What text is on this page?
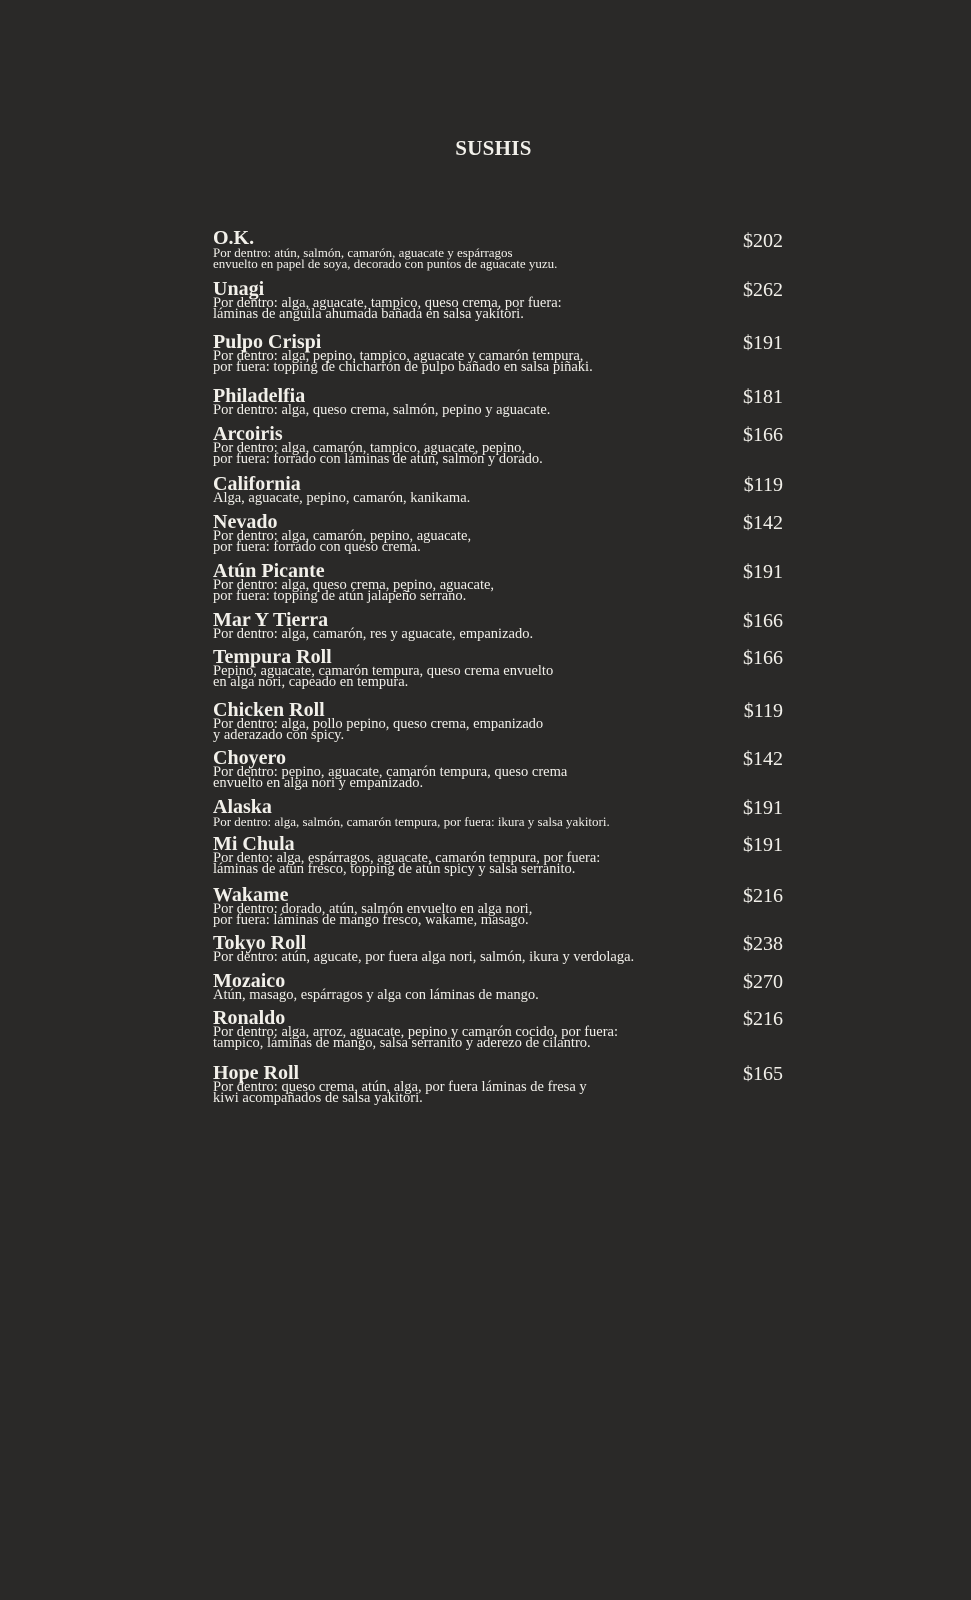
SUSHIS
O.K.
Por dentro: atún, salmón, camarón, aguacate y espárragos
envuelto en papel de soya, decorado con puntos de aguacate yuzu.
$202
Unagi
Por dentro: alga, aguacate, tampico, queso crema, por fuera:
láminas de anguila ahumada bañada en salsa yakitori.
$262
Pulpo Crispi
Por dentro: alga, pepino, tampico, aguacate y camarón tempura,
por fuera: topping de chicharrón de pulpo bañado en salsa piñaki.
$191
Philadelfia
Por dentro: alga, queso crema, salmón, pepino y aguacate.
$181
Arcoiris
Por dentro: alga, camarón, tampico, aguacate, pepino,
por fuera: forrado con láminas de atún, salmón y dorado.
$166
California
Alga, aguacate, pepino, camarón, kanikama.
$119
Nevado
Por dentro: alga, camarón, pepino, aguacate,
por fuera: forrado con queso crema.
$142
Atún Picante
Por dentro: alga, queso crema, pepino, aguacate,
por fuera: topping de atún jalapeño serrano.
$191
Mar Y Tierra
Por dentro: alga, camarón, res y aguacate, empanizado.
$166
Tempura Roll
Pepino, aguacate, camarón tempura, queso crema envuelto
en alga nori, capeado en tempura.
$166
Chicken Roll
Por dentro: alga, pollo pepino, queso crema, empanizado
y aderazado con spicy.
$119
Choyero
Por dentro: pepino, aguacate, camarón tempura, queso crema
envuelto en alga nori y empanizado.
$142
Alaska
Por dentro: alga, salmón, camarón tempura, por fuera: ikura y salsa yakitori.
$191
Mi Chula
Por dento: alga, espárragos, aguacate, camarón tempura, por fuera:
láminas de atún fresco, topping de atún spicy y salsa serranito.
$191
Wakame
Por dentro: dorado, atún, salmón envuelto en alga nori,
por fuera: láminas de mango fresco, wakame, masago.
$216
Tokyo Roll
Por dentro: atún, agucate, por fuera alga nori, salmón, ikura y verdolaga.
$238
Mozaico
Atún, masago, espárragos y alga con láminas de mango.
$270
Ronaldo
Por dentro: alga, arroz, aguacate, pepino y camarón cocido, por fuera:
tampico, láminas de mango, salsa serranito y aderezo de cilantro.
$216
Hope Roll
Por dentro: queso crema, atún, alga, por fuera láminas de fresa y
kiwi acompañados de salsa yakitori.
$165
